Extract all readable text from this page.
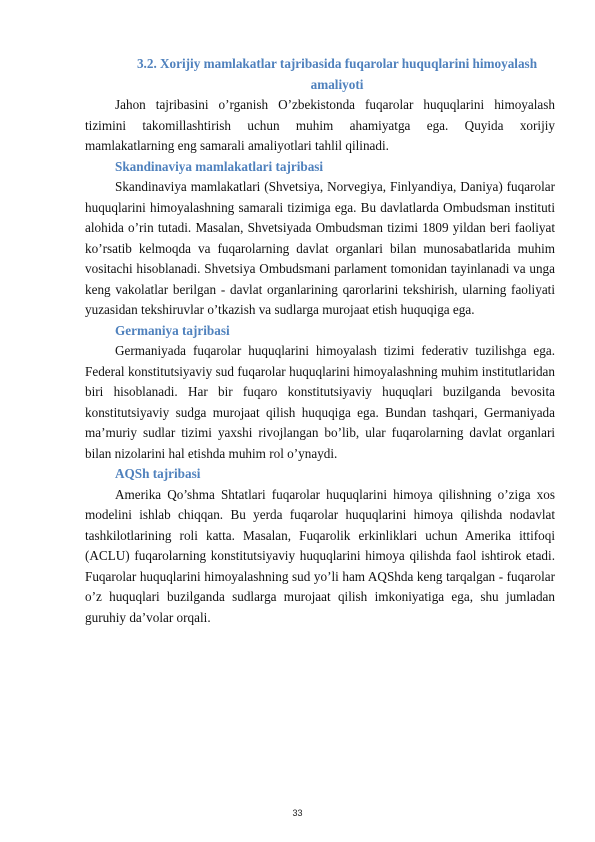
3.2. Xorijiy mamlakatlar tajribasida fuqarolar huquqlarini himoyalash
amaliyoti

Jahon tajribasini o’rganish O’zbekistonda fuqarolar huquqlarini himoyalash tizimini takomillashtirish uchun muhim ahamiyatga ega. Quyida xorijiy mamlakatlarning eng samarali amaliyotlari tahlil qilinadi.

Skandinaviya mamlakatlari tajribasi

Skandinaviya mamlakatlari (Shvetsiya, Norvegiya, Finlyandiya, Daniya) fuqarolar huquqlarini himoyalashning samarali tizimiga ega. Bu davlatlarda Ombudsman instituti alohida o’rin tutadi. Masalan, Shvetsiyada Ombudsman tizimi 1809 yildan beri faoliyat ko’rsatib kelmoqda va fuqarolarning davlat organlari bilan munosabatlarida muhim vositachi hisoblanadi. Shvetsiya Ombudsmani parlament tomonidan tayinlanadi va unga keng vakolatlar berilgan - davlat organlarining qarorlarini tekshirish, ularning faoliyati yuzasidan tekshiruvlar o’tkazish va sudlarga murojaat etish huquqiga ega.

Germaniya tajribasi

Germaniyada fuqarolar huquqlarini himoyalash tizimi federativ tuzilishga ega. Federal konstitutsiyaviy sud fuqarolar huquqlarini himoyalashning muhim institutlaridan biri hisoblanadi. Har bir fuqaro konstitutsiyaviy huquqlari buzilganda bevosita konstitutsiyaviy sudga murojaat qilish huquqiga ega. Bundan tashqari, Germaniyada ma’muriy sudlar tizimi yaxshi rivojlangan bo’lib, ular fuqarolarning davlat organlari bilan nizolarini hal etishda muhim rol o’ynaydi.

AQSh tajribasi

Amerika Qo’shma Shtatlari fuqarolar huquqlarini himoya qilishning o’ziga xos modelini ishlab chiqqan. Bu yerda fuqarolar huquqlarini himoya qilishda nodavlat tashkilotlarining roli katta. Masalan, Fuqarolik erkinliklari uchun Amerika ittifoqi (ACLU) fuqarolarning konstitutsiyaviy huquqlarini himoya qilishda faol ishtirok etadi. Fuqarolar huquqlarini himoyalashning sud yo’li ham AQShda keng tarqalgan - fuqarolar o’z huquqlari buzilganda sudlarga murojaat qilish imkoniyatiga ega, shu jumladan guruhiy da’volar orqali.

33
